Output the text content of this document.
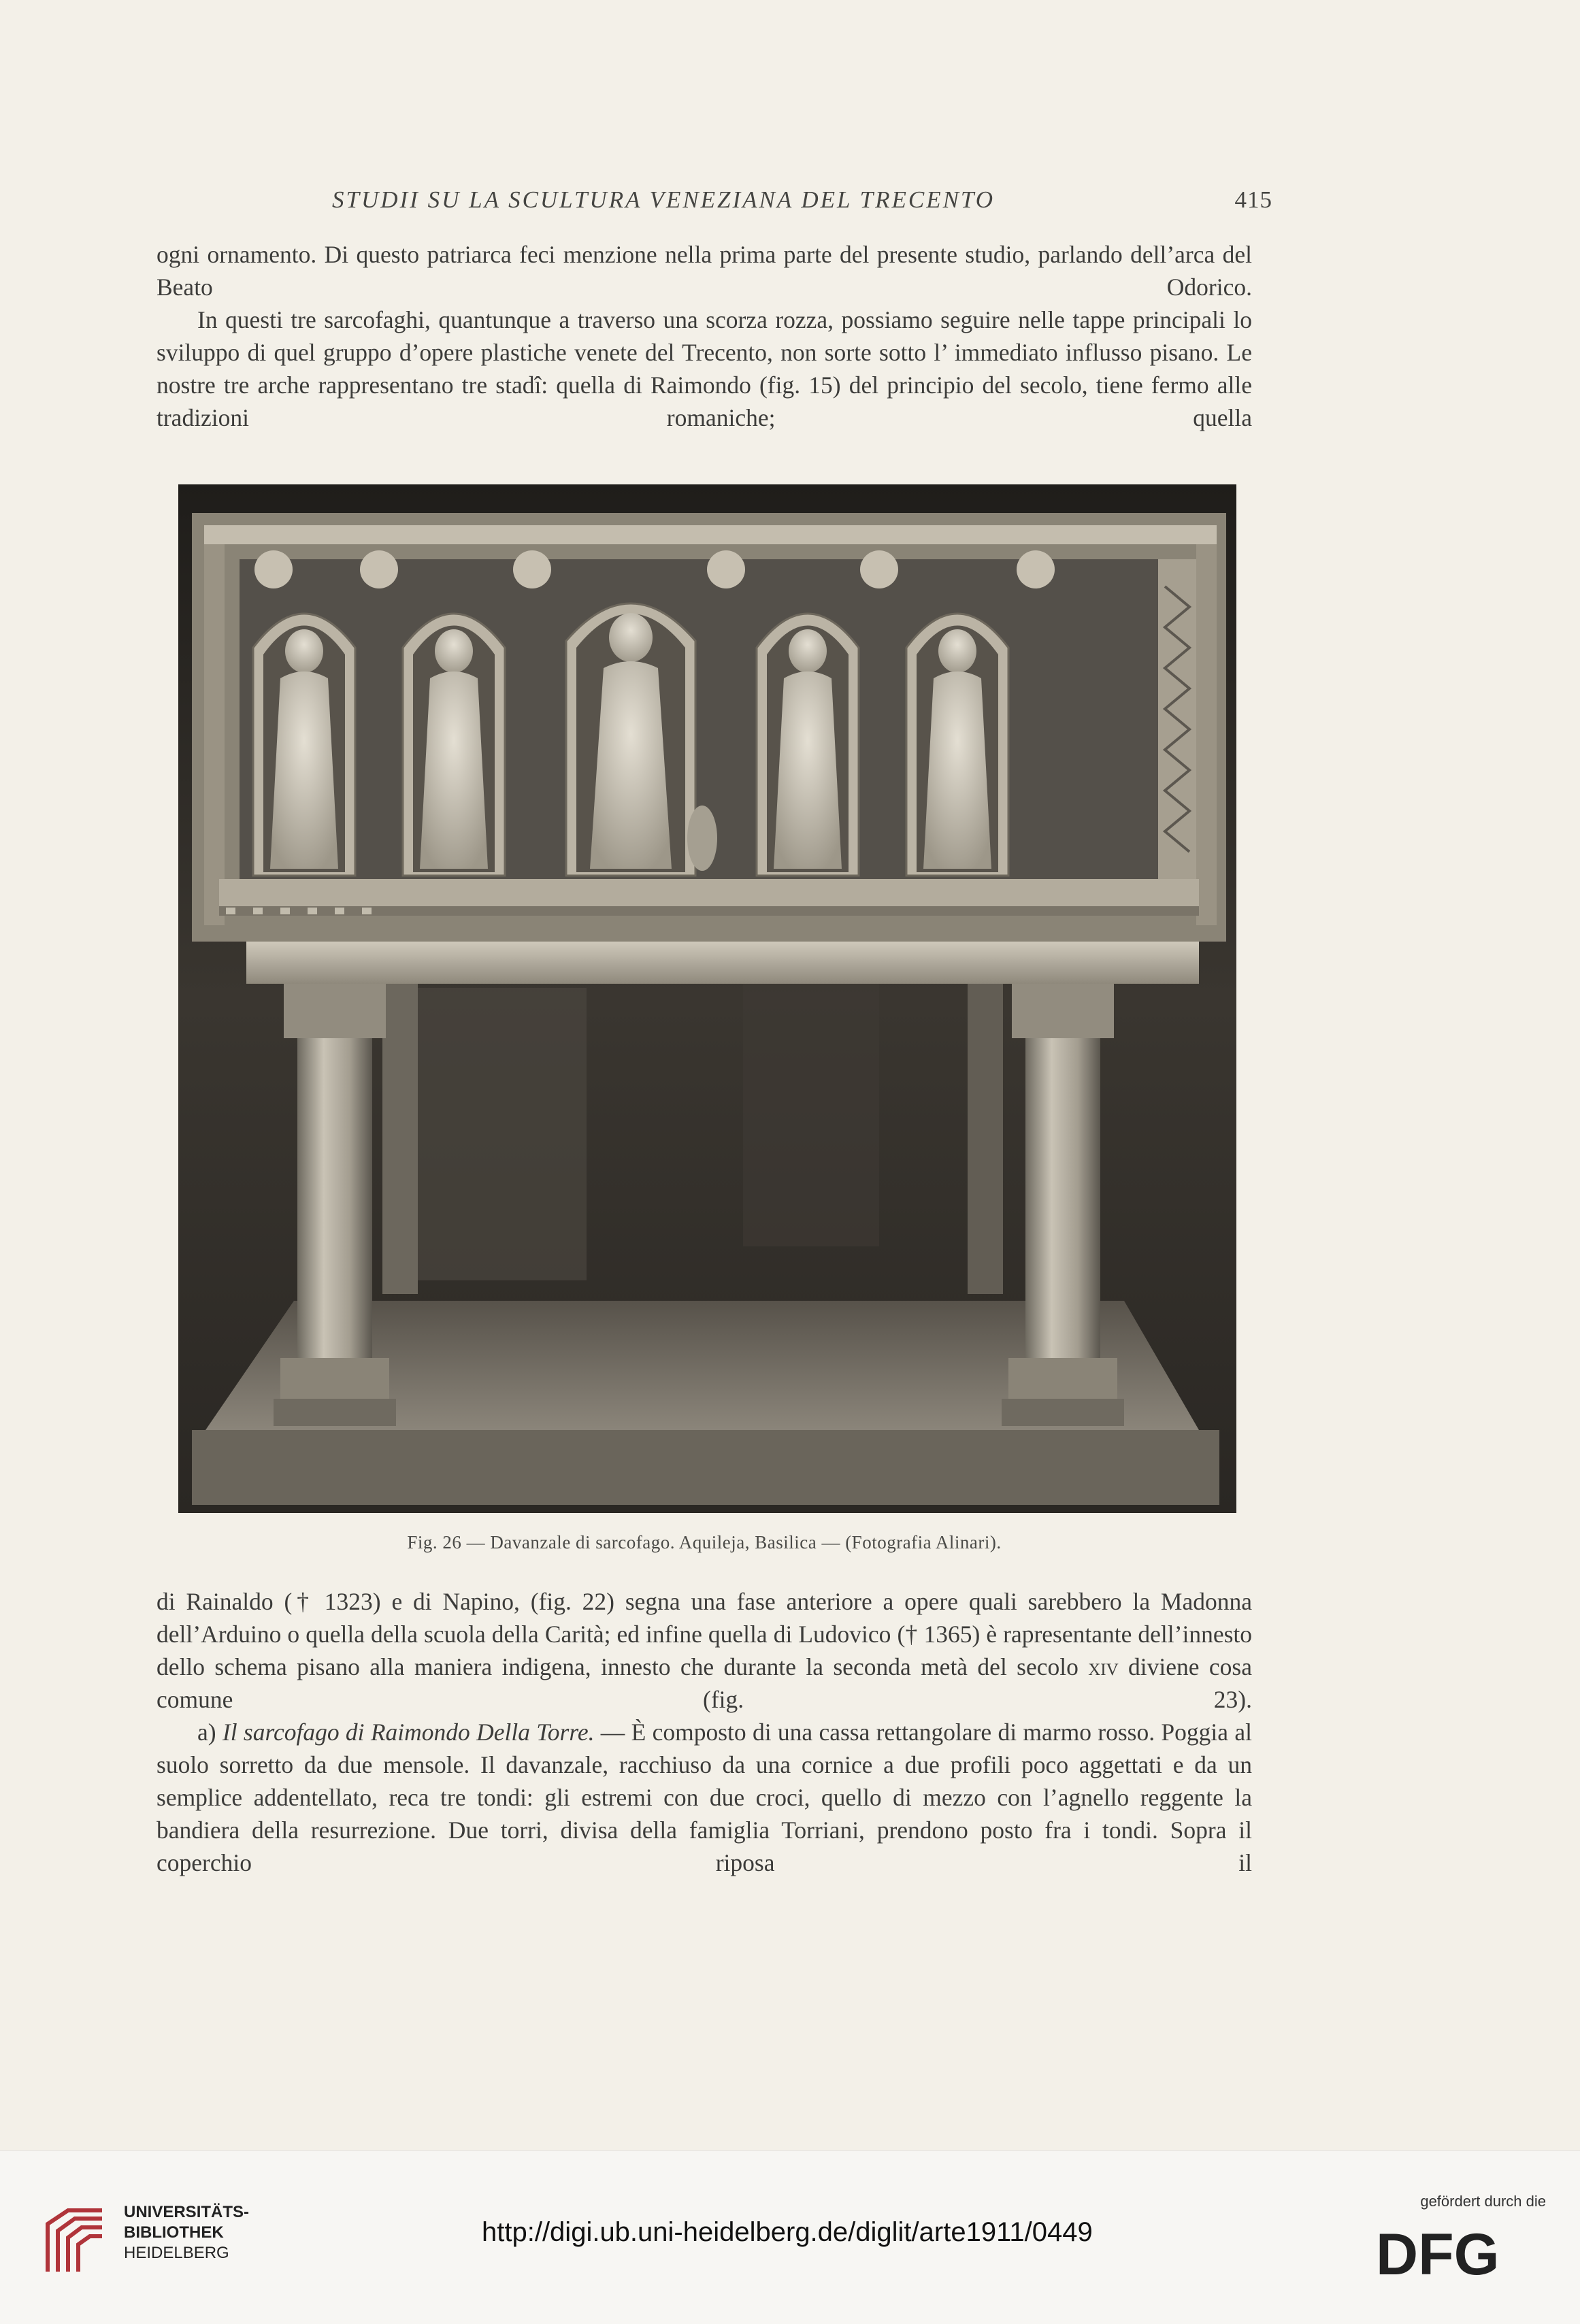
STUDII SU LA SCULTURA VENEZIANA DEL TRECENTO	415

ogni ornamento. Di questo patriarca feci menzione nella prima parte del presente studio, parlando dell’arca del Beato Odorico.

In questi tre sarcofaghi, quantunque a traverso una scorza rozza, possiamo seguire nelle tappe principali lo sviluppo di quel gruppo d’opere plastiche venete del Trecento, non sorte sotto l’ immediato influsso pisano. Le nostre tre arche rappresentano tre stadî: quella di Raimondo (fig. 15) del principio del secolo, tiene fermo alle tradizioni romaniche; quella

Fig. 26 — Davanzale di sarcofago. Aquileja, Basilica — (Fotografia Alinari).

di Rainaldo († 1323) e di Napino, (fig. 22) segna una fase anteriore a opere quali sarebbero la Madonna dell’Arduino o quella della scuola della Carità; ed infine quella di Ludovico († 1365) è rapresentante dell’innesto dello schema pisano alla maniera indigena, innesto che durante la seconda metà del secolo xiv diviene cosa comune (fig. 23).

a) Il sarcofago di Raimondo Della Torre. — È composto di una cassa rettangolare di marmo rosso. Poggia al suolo sorretto da due mensole. Il davanzale, racchiuso da una cornice a due profili poco aggettati e da un semplice addentellato, reca tre tondi: gli estremi con due croci, quello di mezzo con l’agnello reggente la bandiera della resurrezione. Due torri, divisa della famiglia Torriani, prendono posto fra i tondi. Sopra il coperchio riposa il

UNIVERSITÄTS-
BIBLIOTHEK
HEIDELBERG
http://digi.ub.uni-heidelberg.de/diglit/arte1911/0449
gefördert durch die
DFG
